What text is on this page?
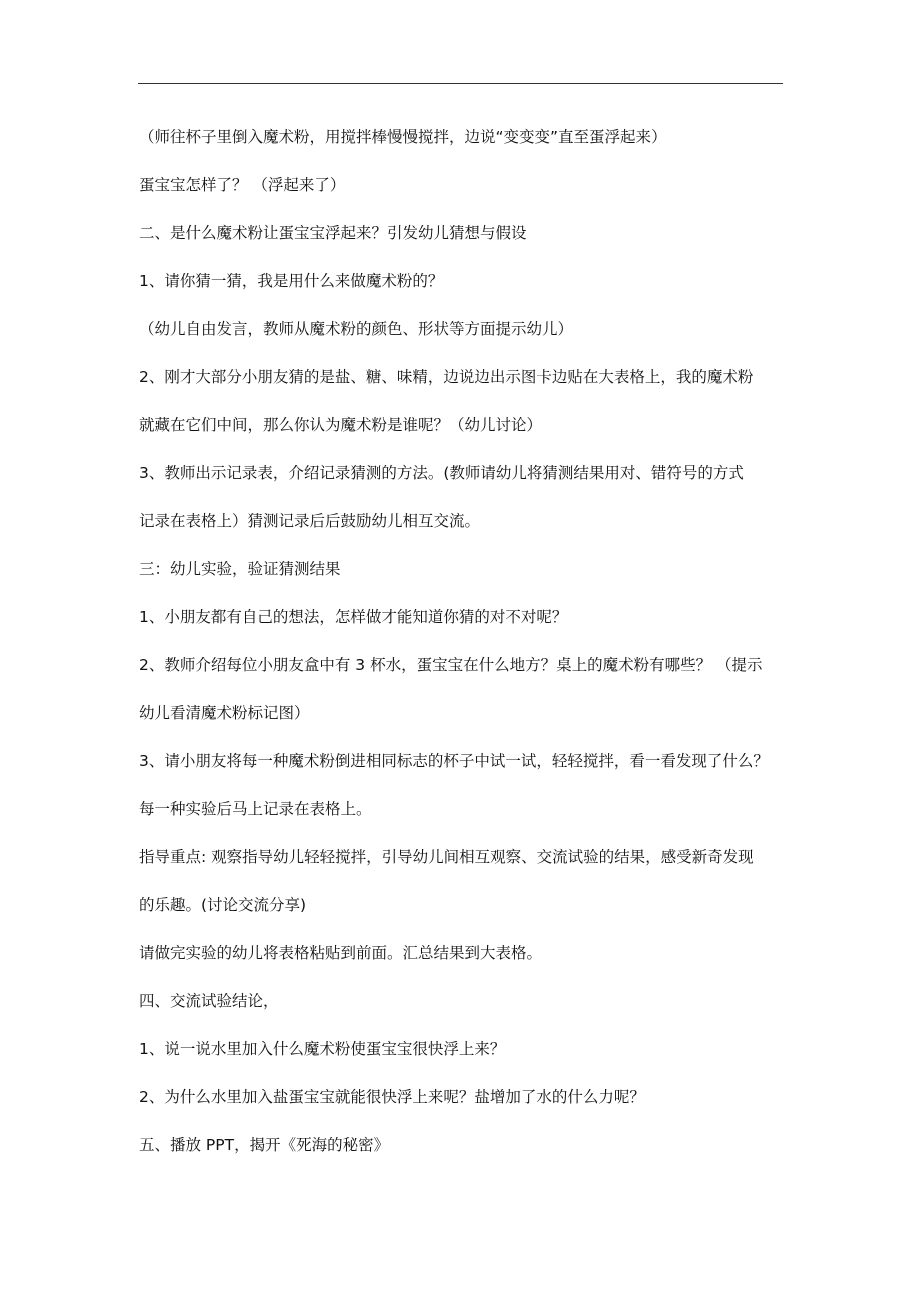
（师往杯子里倒入魔术粉，用搅拌棒慢慢搅拌，边说“变变变”直至蛋浮起来）

蛋宝宝怎样了？ （浮起来了）

二、是什么魔术粉让蛋宝宝浮起来？引发幼儿猜想与假设

1、请你猜一猜，我是用什么来做魔术粉的？

（幼儿自由发言，教师从魔术粉的颜色、形状等方面提示幼儿）

2、刚才大部分小朋友猜的是盐、糖、味精，边说边出示图卡边贴在大表格上，我的魔术粉

就藏在它们中间，那么你认为魔术粉是谁呢？（幼儿讨论）

3、教师出示记录表，介绍记录猜测的方法。(教师请幼儿将猜测结果用对、错符号的方式

记录在表格上）猜测记录后后鼓励幼儿相互交流。

三：幼儿实验，验证猜测结果

1、小朋友都有自己的想法，怎样做才能知道你猜的对不对呢？

2、教师介绍每位小朋友盒中有 3 杯水，蛋宝宝在什么地方？桌上的魔术粉有哪些？ （提示

幼儿看清魔术粉标记图）

3、请小朋友将每一种魔术粉倒进相同标志的杯子中试一试，轻轻搅拌，看一看发现了什么？

每一种实验后马上记录在表格上。

指导重点: 观察指导幼儿轻轻搅拌，引导幼儿间相互观察、交流试验的结果，感受新奇发现

的乐趣。(讨论交流分享)

请做完实验的幼儿将表格粘贴到前面。汇总结果到大表格。

四、交流试验结论，

1、说一说水里加入什么魔术粉使蛋宝宝很快浮上来？

2、为什么水里加入盐蛋宝宝就能很快浮上来呢？盐增加了水的什么力呢？

五、播放 PPT，揭开《死海的秘密》
